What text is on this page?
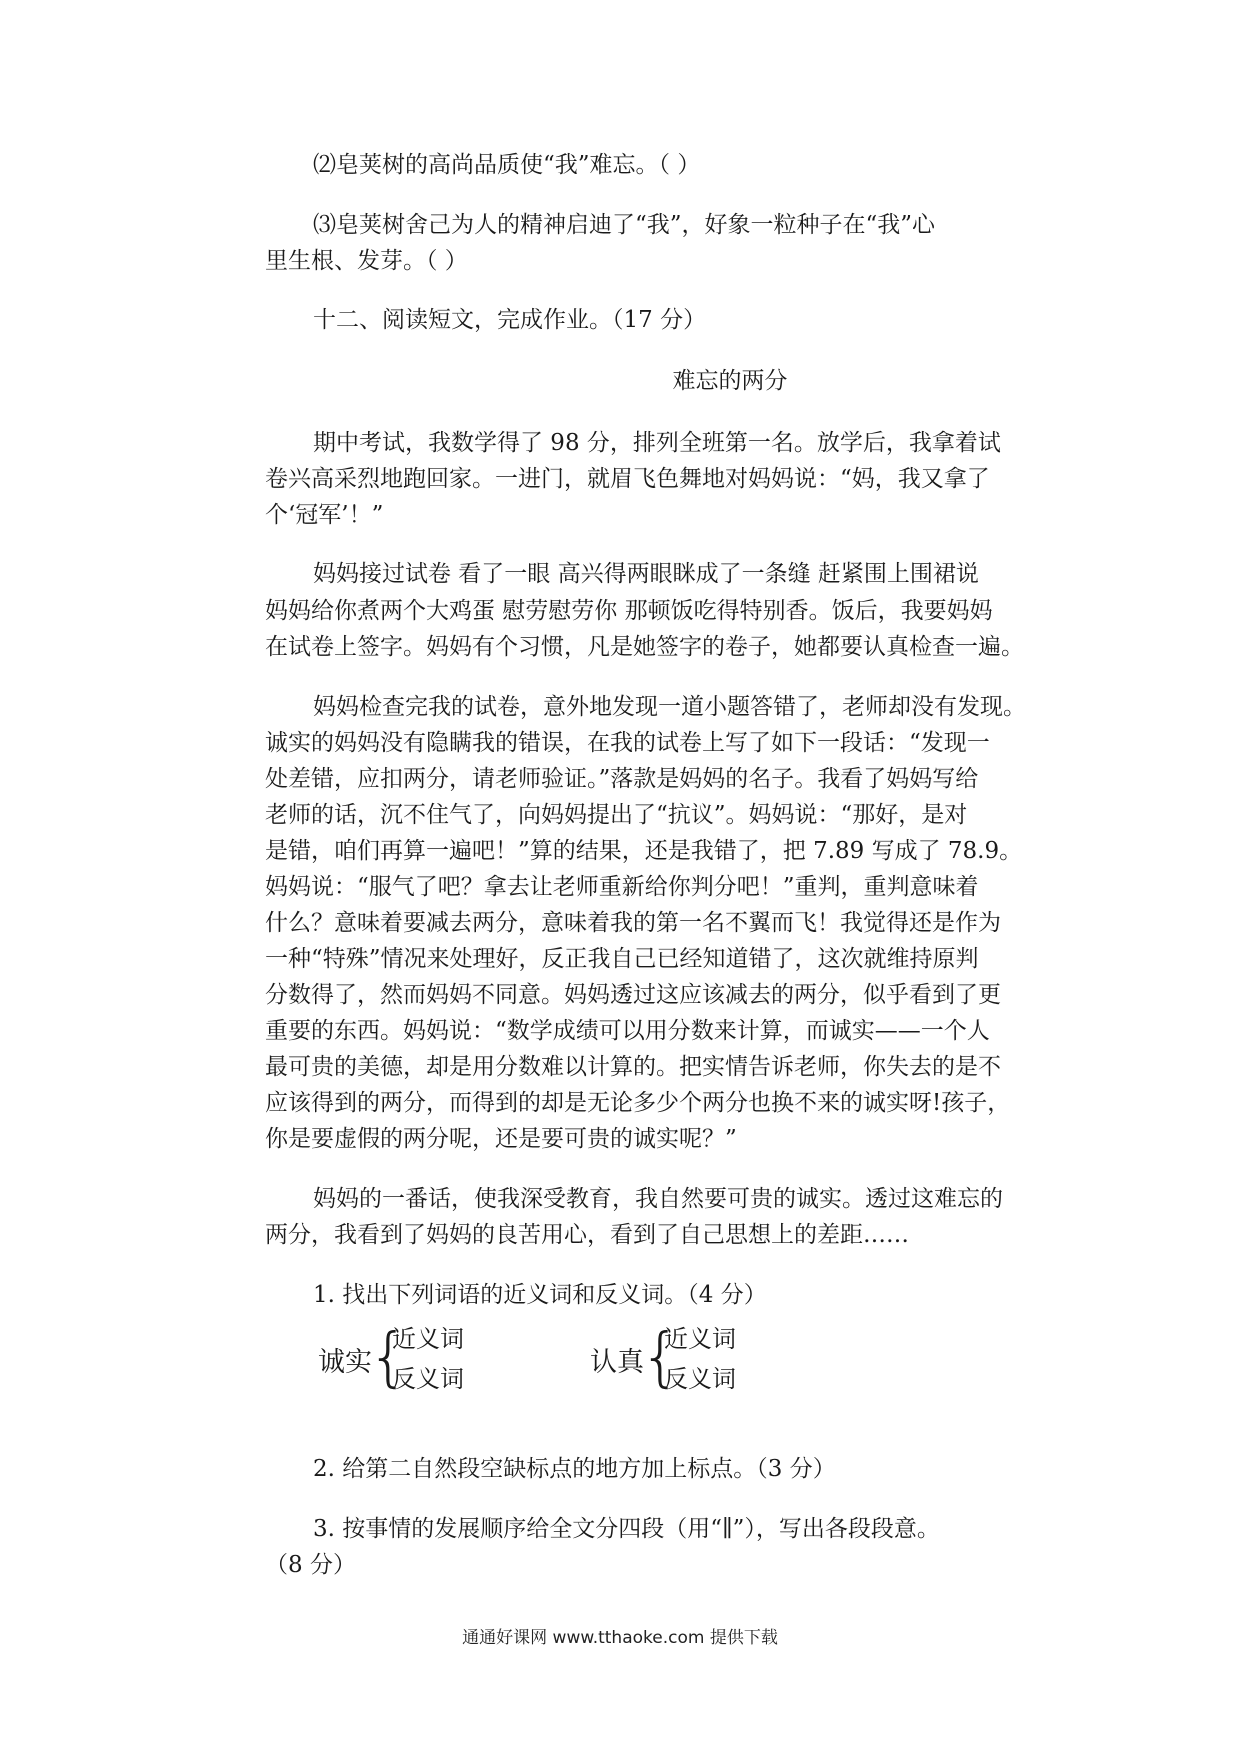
⑵皂荚树的高尚品质使“我”难忘。（ ）
⑶皂荚树舍己为人的精神启迪了“我”，好象一粒种子在“我”心
里生根、发芽。（ ）
十二、阅读短文，完成作业。（17 分）
难忘的两分
期中考试，我数学得了 98 分，排列全班第一名。放学后，我拿着试
卷兴高采烈地跑回家。一进门，就眉飞色舞地对妈妈说：“妈，我又拿了
个‘冠军’！”
妈妈接过试卷 看了一眼 高兴得两眼眯成了一条缝 赶紧围上围裙说
妈妈给你煮两个大鸡蛋 慰劳慰劳你 那顿饭吃得特别香。饭后，我要妈妈
在试卷上签字。妈妈有个习惯，凡是她签字的卷子，她都要认真检查一遍。
妈妈检查完我的试卷，意外地发现一道小题答错了，老师却没有发现。
诚实的妈妈没有隐瞒我的错误，在我的试卷上写了如下一段话：“发现一
处差错，应扣两分，请老师验证。”落款是妈妈的名子。我看了妈妈写给
老师的话，沉不住气了，向妈妈提出了“抗议”。妈妈说：“那好，是对
是错，咱们再算一遍吧！”算的结果，还是我错了，把 7.89 写成了 78.9。
妈妈说：“服气了吧？拿去让老师重新给你判分吧！”重判，重判意味着
什么？意味着要减去两分，意味着我的第一名不翼而飞！我觉得还是作为
一种“特殊”情况来处理好，反正我自己已经知道错了，这次就维持原判
分数得了，然而妈妈不同意。妈妈透过这应该减去的两分，似乎看到了更
重要的东西。妈妈说：“数学成绩可以用分数来计算，而诚实——一个人
最可贵的美德，却是用分数难以计算的。把实情告诉老师，你失去的是不
应该得到的两分，而得到的却是无论多少个两分也换不来的诚实呀!孩子，
你是要虚假的两分呢，还是要可贵的诚实呢？”
妈妈的一番话，使我深受教育，我自然要可贵的诚实。透过这难忘的
两分，我看到了妈妈的良苦用心，看到了自己思想上的差距……
1. 找出下列词语的近义词和反义词。（4 分）
诚实
{
近义词
反义词
认真
{
近义词
反义词
2. 给第二自然段空缺标点的地方加上标点。（3 分）
3. 按事情的发展顺序给全文分四段（用“∥”），写出各段段意。
（8 分）
通通好课网 www.tthaoke.com 提供下载
